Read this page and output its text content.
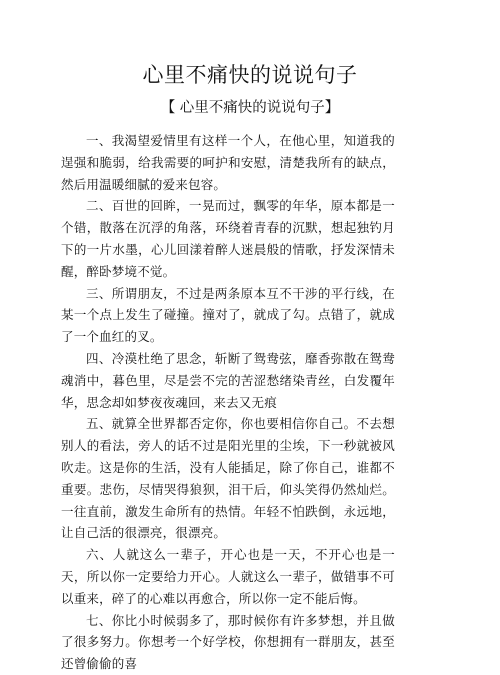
心里不痛快的说说句子
【 心里不痛快的说说句子】

一、我渴望爱情里有这样一个人，在他心里，知道我的逞强和脆弱，给我需要的呵护和安慰，清楚我所有的缺点，然后用温暖细腻的爱来包容。

二、百世的回眸，一晃而过，飘零的年华，原本都是一个错，散落在沉浮的角落，环绕着青春的沉默，想起独钓月下的一片水墨，心儿回漾着醉人迷晨般的情歌，抒发深情未醒，醉卧梦境不觉。

三、所谓朋友，不过是两条原本互不干涉的平行线，在某一个点上发生了碰撞。撞对了，就成了勾。点错了，就成了一个血红的叉。

四、冷漠杜绝了思念，斩断了鸳鸯弦，靡香弥散在鸳鸯魂消中，暮色里，尽是尝不完的苦涩愁绪染青丝，白发覆年华，思念却如梦夜夜魂回，来去又无痕

五、就算全世界都否定你，你也要相信你自己。不去想别人的看法，旁人的话不过是阳光里的尘埃，下一秒就被风吹走。这是你的生活，没有人能插足，除了你自己，谁都不重要。悲伤，尽情哭得狼狈，泪干后，仰头笑得仍然灿烂。一往直前，激发生命所有的热情。年轻不怕跌倒，永远地，让自己活的很漂亮，很漂亮。

六、人就这么一辈子，开心也是一天，不开心也是一天，所以你一定要给力开心。人就这么一辈子，做错事不可以重来，碎了的心难以再愈合，所以你一定不能后悔。

七、你比小时候弱多了，那时候你有许多梦想，并且做了很多努力。你想考一个好学校，你想拥有一群朋友，甚至还曾偷偷的喜
